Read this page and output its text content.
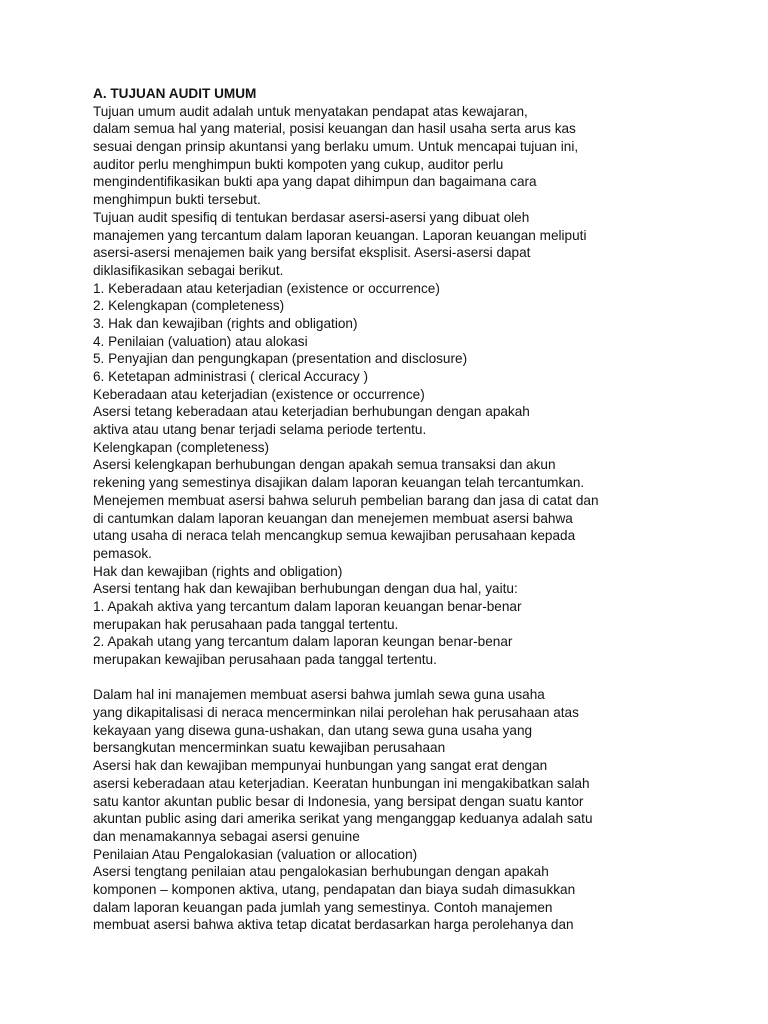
A. TUJUAN AUDIT UMUM
Tujuan umum audit adalah untuk menyatakan pendapat atas kewajaran,
dalam semua hal yang material, posisi keuangan dan hasil usaha serta arus kas
sesuai dengan prinsip akuntansi yang berlaku umum. Untuk mencapai tujuan ini,
auditor perlu menghimpun bukti kompoten yang cukup, auditor perlu
mengindentifikasikan bukti apa yang dapat dihimpun dan bagaimana cara
menghimpun bukti tersebut.
Tujuan audit spesifiq di tentukan berdasar asersi-asersi yang dibuat oleh
manajemen yang tercantum dalam laporan keuangan. Laporan keuangan meliputi
asersi-asersi menajemen baik yang bersifat eksplisit. Asersi-asersi dapat
diklasifikasikan sebagai berikut.
1. Keberadaan atau keterjadian (existence or occurrence)
2. Kelengkapan (completeness)
3. Hak dan kewajiban (rights and obligation)
4. Penilaian (valuation) atau alokasi
5. Penyajian dan pengungkapan (presentation and disclosure)
6. Ketetapan administrasi ( clerical Accuracy )
Keberadaan atau keterjadian (existence or occurrence)
Asersi tetang keberadaan atau keterjadian berhubungan dengan apakah
aktiva atau utang benar terjadi selama periode tertentu.
Kelengkapan (completeness)
Asersi kelengkapan berhubungan dengan apakah semua transaksi dan akun
rekening yang semestinya disajikan dalam laporan keuangan telah tercantumkan.
Menejemen membuat asersi bahwa seluruh pembelian barang dan jasa di catat dan
di cantumkan dalam laporan keuangan dan menejemen membuat asersi bahwa
utang usaha di neraca telah mencangkup semua kewajiban perusahaan kepada
pemasok.
Hak dan kewajiban (rights and obligation)
Asersi tentang hak dan kewajiban berhubungan dengan dua hal, yaitu:
1. Apakah aktiva yang tercantum dalam laporan keuangan benar-benar
merupakan hak perusahaan pada tanggal tertentu.
2. Apakah utang yang tercantum dalam laporan keungan benar-benar
merupakan kewajiban perusahaan pada tanggal tertentu.
Dalam hal ini manajemen membuat asersi bahwa jumlah sewa guna usaha
yang dikapitalisasi di neraca mencerminkan nilai perolehan hak perusahaan atas
kekayaan yang disewa guna-ushakan, dan utang sewa guna usaha yang
bersangkutan mencerminkan suatu kewajiban perusahaan
Asersi hak dan kewajiban mempunyai hunbungan yang sangat erat dengan
asersi keberadaan atau keterjadian. Keeratan hunbungan ini mengakibatkan salah
satu kantor akuntan public besar di Indonesia, yang bersipat dengan suatu kantor
akuntan public asing dari amerika serikat yang menganggap keduanya adalah satu
dan menamakannya sebagai asersi genuine
Penilaian Atau Pengalokasian (valuation or allocation)
Asersi tengtang penilaian atau pengalokasian berhubungan dengan apakah
komponen – komponen aktiva, utang, pendapatan dan biaya sudah dimasukkan
dalam laporan keuangan pada jumlah yang semestinya. Contoh manajemen
membuat asersi bahwa aktiva tetap dicatat berdasarkan harga perolehanya dan
